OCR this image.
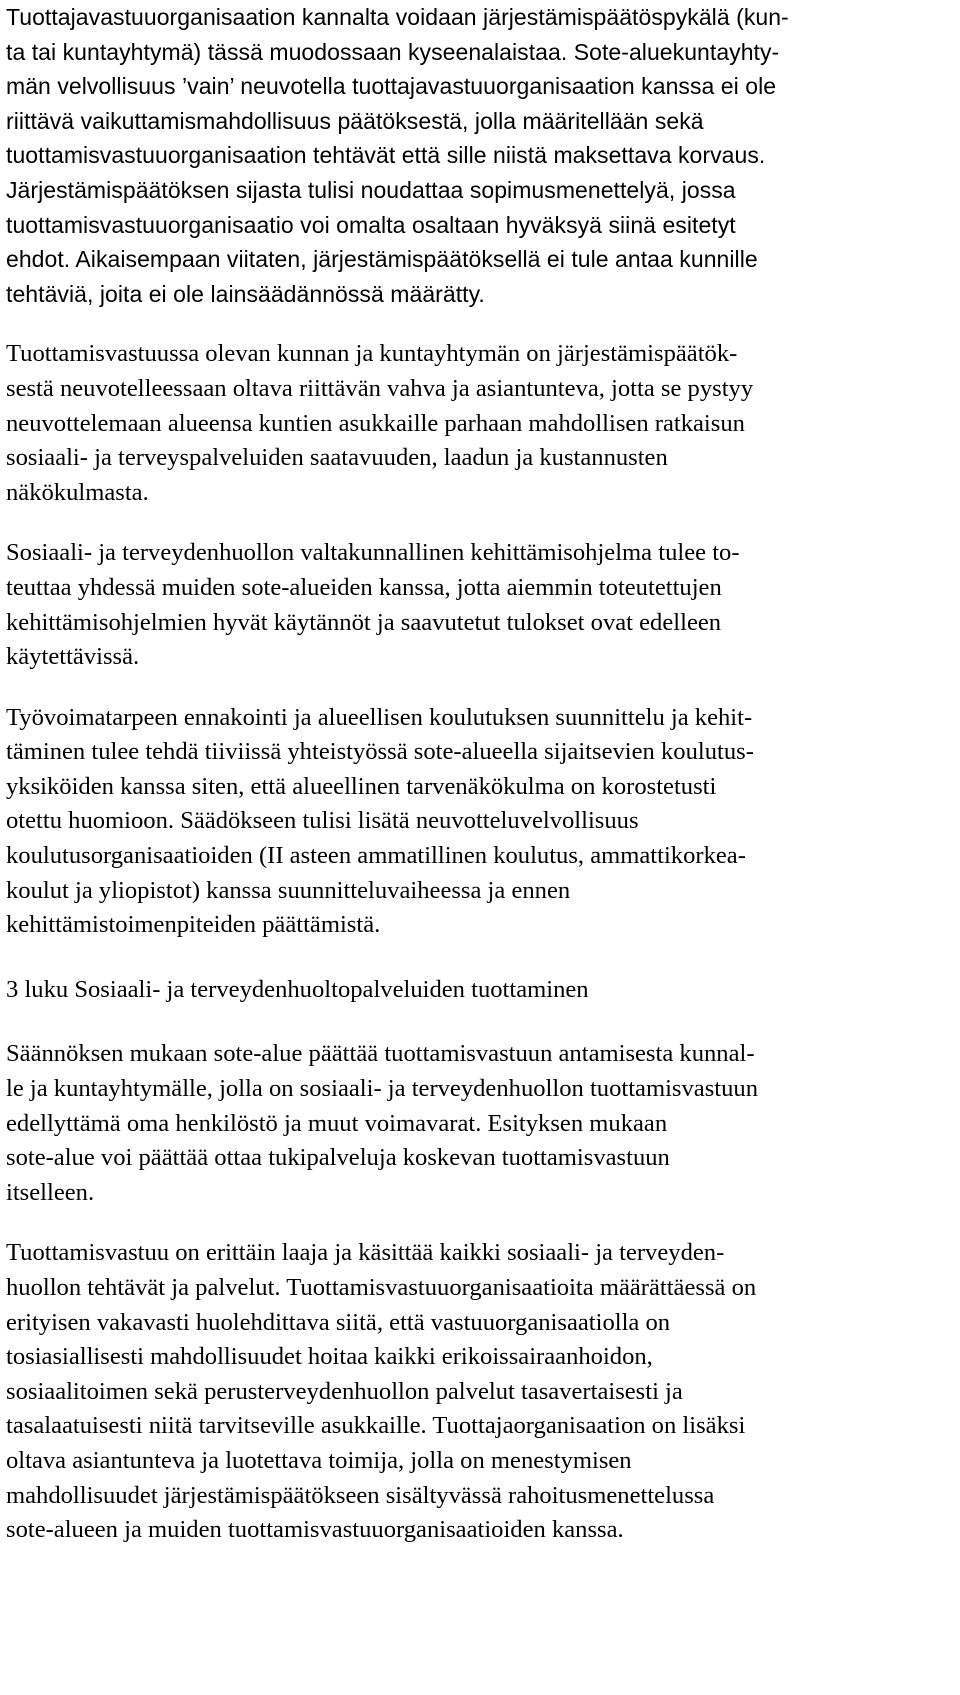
Tuottajavastuuorganisaation kannalta voidaan järjestämispäätöspykälä (kun-
ta tai kuntayhtymä) tässä muodossaan kyseenalaistaa. Sote-aluekuntayhty-
män velvollisuus ’vain’ neuvotella tuottajavastuuorganisaation kanssa ei ole
riittävä vaikuttamismahdollisuus päätöksestä, jolla määritellään sekä
tuottamisvastuuorganisaation tehtävät että sille niistä maksettava korvaus.
Järjestämispäätöksen sijasta tulisi noudattaa sopimusmenettelyä, jossa
tuottamisvastuuorganisaatio voi omalta osaltaan hyväksyä siinä esitetyt
ehdot. Aikaisempaan viitaten, järjestämispäätöksellä ei tule antaa kunnille
tehtäviä, joita ei ole lainsäädännössä määrätty.

Tuottamisvastuussa olevan kunnan ja kuntayhtymän on järjestämispäätök-
sestä neuvotelleessaan oltava riittävän vahva ja asiantunteva, jotta se pystyy
neuvottelemaan alueensa kuntien asukkaille parhaan mahdollisen ratkaisun
sosiaali- ja terveyspalveluiden saatavuuden, laadun ja kustannusten
näkökulmasta.

Sosiaali- ja terveydenhuollon valtakunnallinen kehittämisohjelma tulee to-
teuttaa yhdessä muiden sote-alueiden kanssa, jotta aiemmin toteutettujen
kehittämisohjelmien hyvät käytännöt ja saavutetut tulokset ovat edelleen
käytettävissä.

Työvoimatarpeen ennakointi ja alueellisen koulutuksen suunnittelu ja kehit-
täminen tulee tehdä tiiviissä yhteistyössä sote-alueella sijaitsevien koulutus-
yksiköiden kanssa siten, että alueellinen tarvenäkökulma on korostetusti
otettu huomioon. Säädökseen tulisi lisätä neuvotteluvelvollisuus
koulutusorganisaatioiden (II asteen ammatillinen koulutus, ammattikorkea-
koulut ja yliopistot) kanssa suunnitteluvaiheessa ja ennen
kehittämistoimenpiteiden päättämistä.

3 luku Sosiaali- ja terveydenhuoltopalveluiden tuottaminen

Säännöksen mukaan sote-alue päättää tuottamisvastuun antamisesta kunnal-
le ja kuntayhtymälle, jolla on sosiaali- ja terveydenhuollon tuottamisvastuun
edellyttämä oma henkilöstö ja muut voimavarat. Esityksen mukaan
sote-alue voi päättää ottaa tukipalveluja koskevan tuottamisvastuun
itselleen.

Tuottamisvastuu on erittäin laaja ja käsittää kaikki sosiaali- ja terveyden-
huollon tehtävät ja palvelut. Tuottamisvastuuorganisaatioita määrättäessä on
erityisen vakavasti huolehdittava siitä, että vastuuorganisaatiolla on
tosiasiallisesti mahdollisuudet hoitaa kaikki erikoissairaanhoidon,
sosiaalitoimen sekä perusterveydenhuollon palvelut tasavertaisesti ja
tasalaatuisesti niitä tarvitseville asukkaille. Tuottajaorganisaation on lisäksi
oltava asiantunteva ja luotettava toimija, jolla on menestymisen
mahdollisuudet järjestämispäätökseen sisältyvässä rahoitusmenettelussa
sote-alueen ja muiden tuottamisvastuuorganisaatioiden kanssa.
